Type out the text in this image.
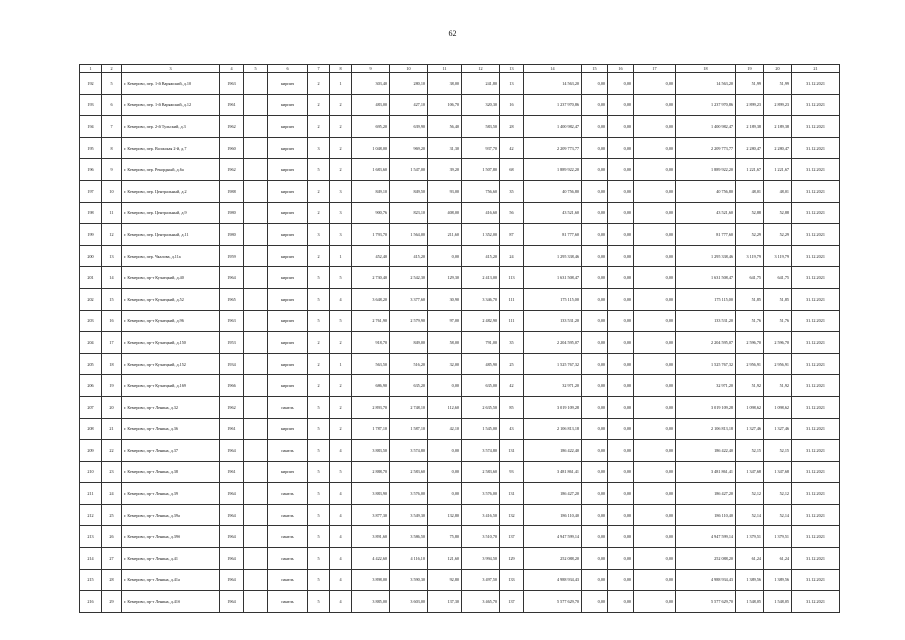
62
1	2	3	4	5	6	7	8	9	10	11	12	13	14	15	16	17	18	19	20	21
192	5	г. Кемерово, пер. 1-й Варяжский, д.10	1963		кирпич	2	1	303,40	280,10	38,00	241,80	13	14 563,20	0,00	0,00	0,00	14 563,20	51,99	51,99	31.12.2021
193	6	г. Кемерово, пер. 1-й Варяжский, д.12	1961		кирпич	2	2	483,00	427,10	106,70	320,30	16	1 237 970,86	0,00	0,00	0,00	1 237 970,86	2 899,23	2 899,23	31.12.2021
194	7	г. Кемерово, пер. 2-й Тульский, д.3	1962		кирпич	2	2	695,20	639,90	56,40	583,50	28	1 400 982,47	0,00	0,00	0,00	1 400 982,47	2 189,38	2 189,38	31.12.2021
195	8	г. Кемерово, пер. Волжская 2-й, д.7	1960		кирпич	3	2	1 048,00	969,20	31,30	937,70	42	2 209 773,77	0,00	0,00	0,00	2 209 773,77	2 280,47	2 280,47	31.12.2021
196	9	г. Кемерово, пер. Рекордный, д.6а	1962		кирпич	5	2	1 683,60	1 547,00	39,20	1 507,80	68	1 889 922,20	0,00	0,00	0,00	1 889 922,20	1 221,67	1 221,67	31.12.2021
197	10	г. Кемерово, пер. Центральный, д.2	1988		кирпич	2	3	849,10	849,50	93,00	756,60	35	40 756,80	0,00	0,00	0,00	40 756,80	48,01	48,01	31.12.2021
198	11	г. Кемерово, пер. Центральный, д.9	1980		кирпич	2	3	900,76	823,10	408,00	416,60	56	43 521,60	0,00	0,00	0,00	43 521,60	52,88	52,88	31.12.2021
199	12	г. Кемерово, пер. Центральный, д.11	1980		кирпич	3	3	1 793,70	1 564,00	211,60	1 352,00	87	81 777,60	0,00	0,00	0,00	81 777,60	52,29	52,29	31.12.2021
200	13	г. Кемерово, пер. Чкалова, д.11а	1959		кирпич	2	1	452,40	415,20	0,00	415,20	24	1 295 338,46	0,00	0,00	0,00	1 295 338,46	3 119,79	3 119,79	31.12.2021
201	14	г. Кемерово, пр-т Кузнецкий, д.40	1964		кирпич	5	5	2 730,40	2 542,30	129,30	2 413,00	113	1 631 508,47	0,00	0,00	0,00	1 631 508,47	641,75	641,75	31.12.2021
202	15	г. Кемерово, пр-т Кузнецкий, д.52	1965		кирпич	5	4	3 648,20	3 377,60	30,90	3 346,70	111	175 115,00	0,00	0,00	0,00	175 115,00	51,85	51,85	31.12.2021
203	16	г. Кемерово, пр-т Кузнецкий, д.96	1963		кирпич	5	5	2 761,90	2 579,90	97,00	2 482,90	111	133 531,20	0,00	0,00	0,00	133 531,20	51,76	51,76	31.12.2021
204	17	г. Кемерово, пр-т Кузнецкий, д.150	1953		кирпич	2	2	918,70	849,00	58,00	791,00	35	2 204 595,07	0,00	0,00	0,00	2 204 595,07	2 596,70	2 596,70	31.12.2021
205	18	г. Кемерово, пр-т Кузнецкий, д.152	1934		кирпич	2	1	563,50	516,20	32,00	485,90	25	1 525 767,32	0,00	0,00	0,00	1 525 767,32	2 956,91	2 956,91	31.12.2021
206	19	г. Кемерово, пр-т Кузнецкий, д.169	1966		кирпич	2	2	686,90	635,20	0,00	635,00	42	32 971,20	0,00	0,00	0,00	32 971,20	51,92	51,92	31.12.2021
207	20	г. Кемерово, пр-т Ленина, д.32	1962		панель	5	2	2 893,70	2 748,10	112,60	2 635,50	85	3 019 109,28	0,00	0,00	0,00	3 019 109,28	1 098,62	1 098,62	31.12.2021
208	21	г. Кемерово, пр-т Ленина, д.36	1961		кирпич	5	2	1 787,10	1 587,10	42,10	1 545,00	43	2 106 813,18	0,00	0,00	0,00	2 106 813,18	1 327,46	1 327,46	31.12.2021
209	22	г. Кемерово, пр-т Ленина, д.37	1964		панель	5	4	3 883,50	3 574,80	0,00	3 574,80	131	186 422,40	0,00	0,00	0,00	186 422,40	52,15	52,15	31.12.2021
210	23	г. Кемерово, пр-т Ленина, д.38	1961		кирпич	5	5	2 888,70	2 583,60	0,00	2 583,60	93	3 481 861,41	0,00	0,00	0,00	3 481 861,41	1 347,68	1 347,68	31.12.2021
211	24	г. Кемерово, пр-т Ленина, д.39	1964		панель	5	4	3 883,90	3 576,00	0,00	3 576,00	131	186 427,20	0,00	0,00	0,00	186 427,20	52,12	52,12	31.12.2021
212	25	г. Кемерово, пр-т Ленина, д.39а	1964		панель	5	4	3 877,30	3 549,30	132,80	3 416,50	132	186 110,40	0,00	0,00	0,00	186 110,40	52,14	52,14	31.12.2021
213	26	г. Кемерово, пр-т Ленина, д.39б	1964		панель	5	4	3 891,60	3 586,50	75,80	3 510,70	137	4 947 599,14	0,00	0,00	0,00	4 947 599,14	1 379,51	1 379,51	31.12.2021
214	27	г. Кемерово, пр-т Ленина, д.41	1964		панель	5	4	4 422,60	4 116,10	121,60	3 994,50	129	252 088,20	0,00	0,00	0,00	252 088,20	61,24	61,24	31.12.2021
215	28	г. Кемерово, пр-т Ленина, д.41а	1964		панель	5	4	3 898,00	3 590,30	92,80	3 497,50	133	4 988 934,43	0,00	0,00	0,00	4 988 934,43	1 389,56	1 389,56	31.12.2021
216	29	г. Кемерово, пр-т Ленина, д.41б	1964		панель	5	4	3 885,00	3 603,00	137,30	3 465,70	137	5 577 629,70	0,00	0,00	0,00	5 577 629,70	1 548,05	1 548,05	31.12.2021
